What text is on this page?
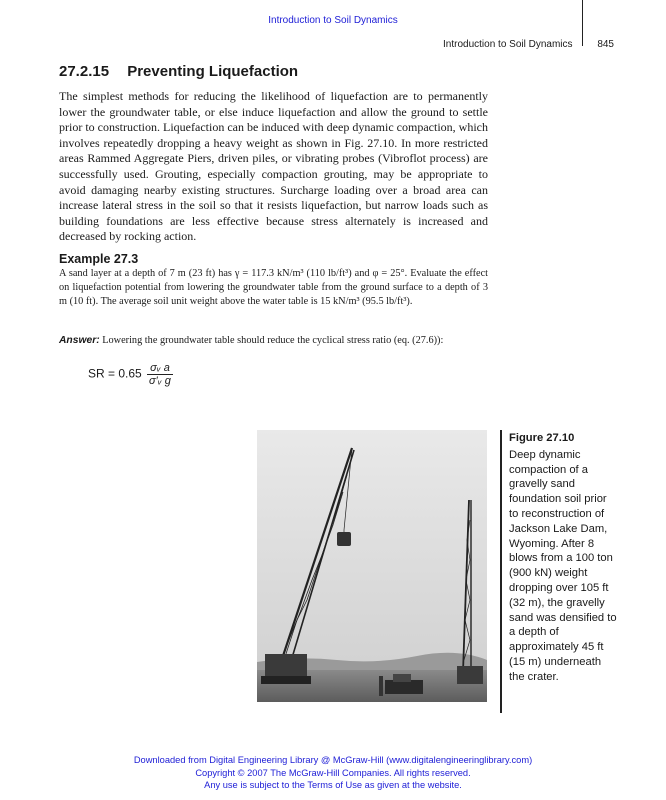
Introduction to Soil Dynamics
Introduction to Soil Dynamics 845
27.2.15 Preventing Liquefaction
The simplest methods for reducing the likelihood of liquefaction are to permanently lower the groundwater table, or else induce liquefaction and allow the ground to settle prior to construction. Liquefaction can be induced with deep dynamic compaction, which involves repeatedly dropping a heavy weight as shown in Fig. 27.10. In more restricted areas Rammed Aggregate Piers, driven piles, or vibrating probes (Vibroflot process) are successfully used. Grouting, especially compaction grouting, may be appropriate to avoid damaging nearby existing structures. Surcharge loading over a broad area can increase lateral stress in the soil so that it resists liquefaction, but narrow loads such as building foundations are less effective because stress alternately is increased and decreased by rocking action.
Example 27.3
A sand layer at a depth of 7 m (23 ft) has γ = 117.3 kN/m³ (110 lb/ft³) and φ = 25°. Evaluate the effect on liquefaction potential from lowering the groundwater table from the ground surface to a depth of 3 m (10 ft). The average soil unit weight above the water table is 15 kN/m³ (95.5 lb/ft³).
Answer: Lowering the groundwater table should reduce the cyclical stress ratio (eq. (27.6)):
SR = $0.65 \frac{\text{σᵥ a}}{\text{σ′ᵥ g}}$
Figure 27.10
Deep dynamic compaction of a gravelly sand foundation soil prior to reconstruction of Jackson Lake Dam, Wyoming. After 8 blows from a 100 ton (900 kN) weight dropping over 105 ft (32 m), the gravelly sand was densified to a depth of approximately 45 ft (15 m) underneath the crater.
Downloaded from Digital Engineering Library @ McGraw-Hill (www.digitalengineeringlibrary.com)
Copyright © 2007 The McGraw-Hill Companies. All rights reserved.
Any use is subject to the Terms of Use as given at the website.
